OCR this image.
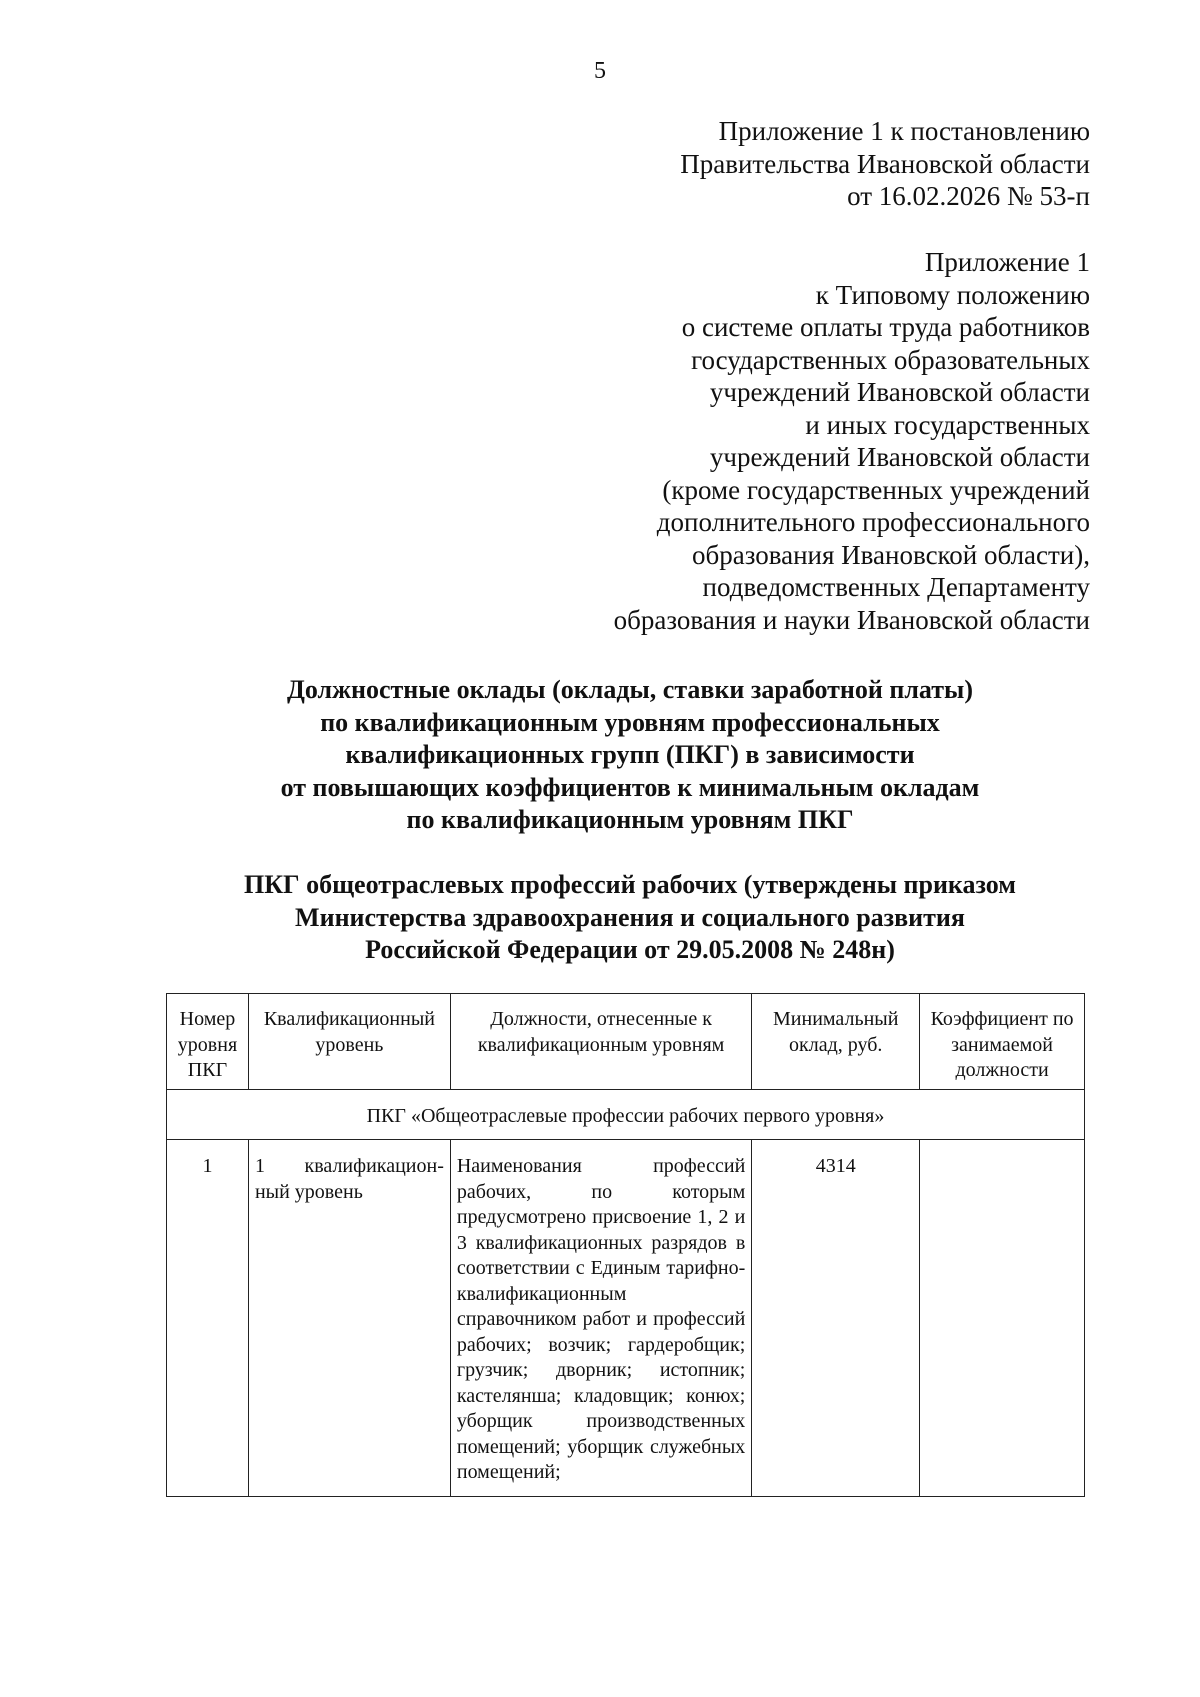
5
Приложение 1 к постановлению
Правительства Ивановской области
от 16.02.2026 № 53-п
Приложение 1
к Типовому положению
о системе оплаты труда работников
государственных образовательных
учреждений Ивановской области
и иных государственных
учреждений Ивановской области
(кроме государственных учреждений
дополнительного профессионального
образования Ивановской области),
подведомственных Департаменту
образования и науки Ивановской области
Должностные оклады (оклады, ставки заработной платы)
по квалификационным уровням профессиональных
квалификационных групп (ПКГ) в зависимости
от повышающих коэффициентов к минимальным окладам
по квалификационным уровням ПКГ
ПКГ общеотраслевых профессий рабочих (утверждены приказом
Министерства здравоохранения и социального развития
Российской Федерации от 29.05.2008 № 248н)
Номер уровня ПКГ	Квалификационный уровень	Должности, отнесенные к квалификационным уровням	Минимальный оклад, руб.	Коэффициент по занимаемой должности
ПКГ «Общеотраслевые профессии рабочих первого уровня»				
1	1 квалификацион-ный уровень	Наименования профессий рабочих, по которым предусмотрено присвоение 1, 2 и 3 квалификационных разрядов в соответствии с Единым тарифно-квалификационным справочником работ и профессий рабочих; возчик; гардеробщик; грузчик; дворник; истопник; кастелянша; кладовщик; конюх; уборщик производственных помещений; уборщик служебных помещений;	4314	
